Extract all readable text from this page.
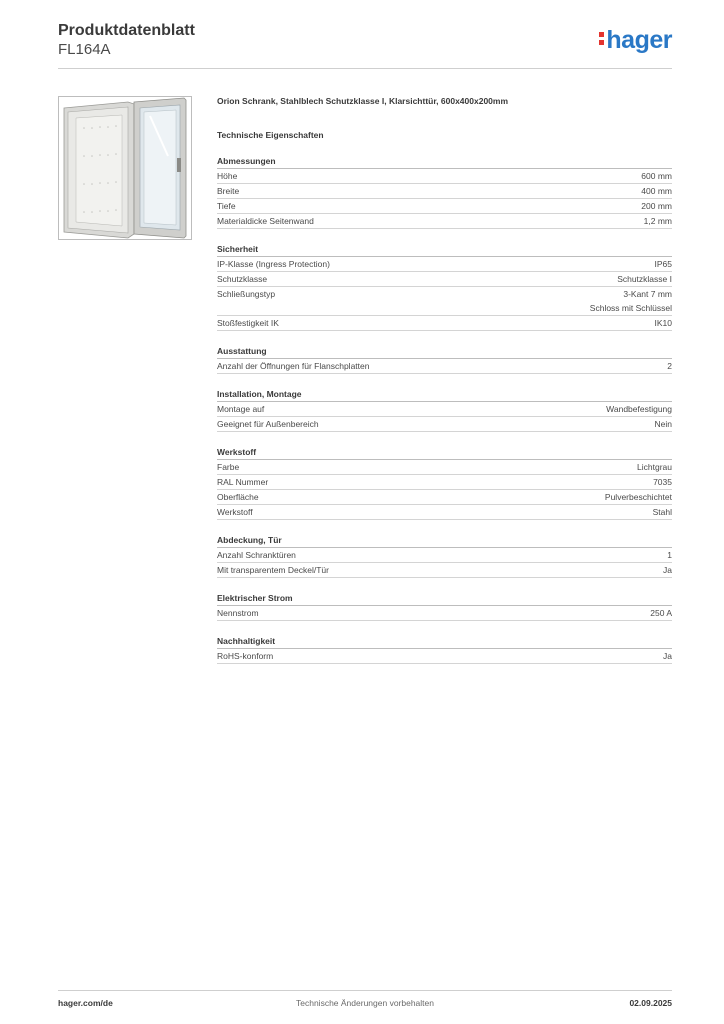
Produktdatenblatt
FL164A	hager
Orion Schrank, Stahlblech Schutzklasse I, Klarsichttür, 600x400x200mm
Technische Eigenschaften
Abmessungen
Höhe	600 mm
Breite	400 mm
Tiefe	200 mm
Materialdicke Seitenwand	1,2 mm
Sicherheit
IP-Klasse (Ingress Protection)	IP65
Schutzklasse	Schutzklasse I
Schließungstyp	3-Kant 7 mm
Schloss mit Schlüssel
Stoßfestigkeit IK	IK10
Ausstattung
Anzahl der Öffnungen für Flanschplatten	2
Installation, Montage
Montage auf	Wandbefestigung
Geeignet für Außenbereich	Nein
Werkstoff
Farbe	Lichtgrau
RAL Nummer	7035
Oberfläche	Pulverbeschichtet
Werkstoff	Stahl
Abdeckung, Tür
Anzahl Schranktüren	1
Mit transparentem Deckel/Tür	Ja
Elektrischer Strom
Nennstrom	250 A
Nachhaltigkeit
RoHS-konform	Ja
Technische Änderungen vorbehalten
hager.com/de	02.09.2025
